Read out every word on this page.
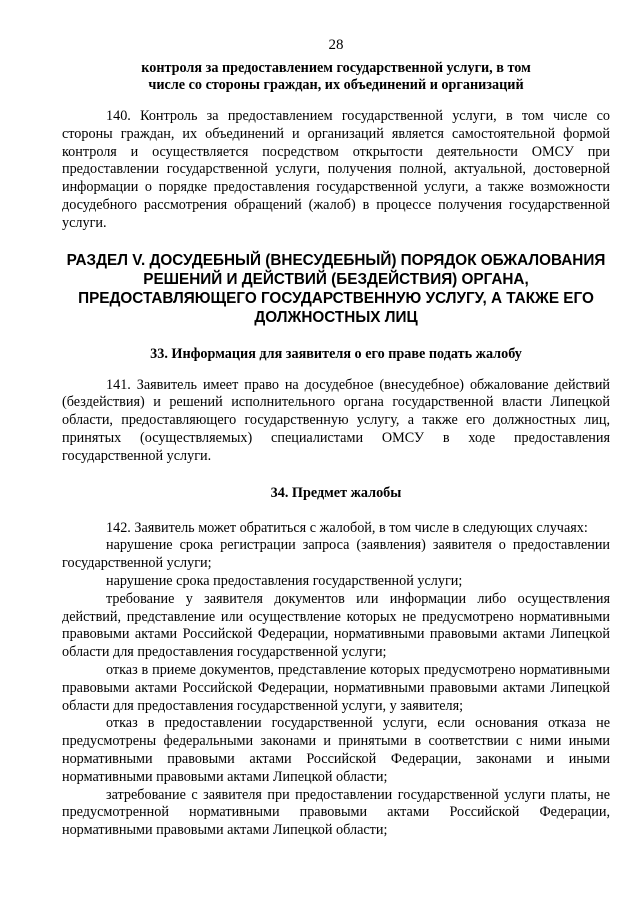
28
контроля за предоставлением государственной услуги, в том
числе со стороны граждан, их объединений и организаций

140. Контроль за предоставлением государственной услуги, в том числе со стороны граждан, их объединений и организаций является самостоятельной формой контроля и осуществляется посредством открытости деятельности ОМСУ при предоставлении государственной услуги, получения полной, актуальной, достоверной информации о порядке предоставления государственной услуги, а также возможности досудебного рассмотрения обращений (жалоб) в процессе получения государственной услуги.

РАЗДЕЛ V. ДОСУДЕБНЫЙ (ВНЕСУДЕБНЫЙ) ПОРЯДОК ОБЖАЛОВАНИЯ

РЕШЕНИЙ И ДЕЙСТВИЙ (БЕЗДЕЙСТВИЯ) ОРГАНА,

ПРЕДОСТАВЛЯЮЩЕГО ГОСУДАРСТВЕННУЮ УСЛУГУ, А ТАКЖЕ ЕГО

ДОЛЖНОСТНЫХ ЛИЦ

33. Информация для заявителя о его праве подать жалобу

141. Заявитель имеет право на досудебное (внесудебное) обжалование действий (бездействия) и решений исполнительного органа государственной власти Липецкой области, предоставляющего государственную услугу, а также его должностных лиц, принятых (осуществляемых) специалистами ОМСУ в ходе предоставления государственной услуги.

34. Предмет жалобы

142. Заявитель может обратиться с жалобой, в том числе в следующих случаях:

нарушение срока регистрации запроса (заявления) заявителя о предоставлении государственной услуги;

нарушение срока предоставления государственной услуги;

требование у заявителя документов или информации либо осуществления действий, представление или осуществление которых не предусмотрено нормативными правовыми актами Российской Федерации, нормативными правовыми актами Липецкой области для предоставления государственной услуги;

отказ в приеме документов, представление которых предусмотрено нормативными правовыми актами Российской Федерации, нормативными правовыми актами Липецкой области для предоставления государственной услуги, у заявителя;

отказ в предоставлении государственной услуги, если основания отказа не предусмотрены федеральными законами и принятыми в соответствии с ними иными нормативными правовыми актами Российской Федерации, законами и иными нормативными правовыми актами Липецкой области;

затребование с заявителя при предоставлении государственной услуги платы, не предусмотренной нормативными правовыми актами Российской Федерации, нормативными правовыми актами Липецкой области;
